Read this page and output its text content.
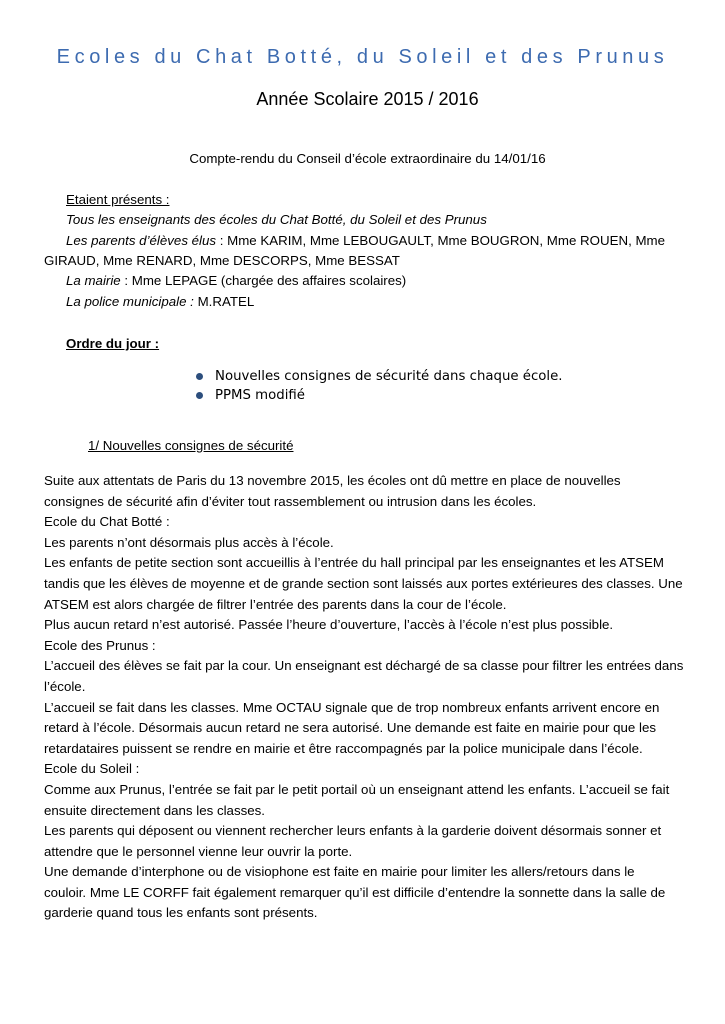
Ecoles du Chat Botté, du Soleil et des Prunus
Année Scolaire 2015 / 2016
Compte-rendu du Conseil d’école extraordinaire du 14/01/16
Etaient présents :
Tous les enseignants des écoles du Chat Botté, du Soleil et des Prunus
Les parents d’élèves élus : Mme KARIM, Mme LEBOUGAULT, Mme BOUGRON, Mme ROUEN, Mme
GIRAUD, Mme RENARD, Mme DESCORPS, Mme BESSAT
La mairie : Mme LEPAGE (chargée des affaires scolaires)
La police municipale : M.RATEL
Ordre du jour :
Nouvelles consignes de sécurité dans chaque école.
PPMS modifié
1/ Nouvelles consignes de sécurité
Suite aux attentats de Paris du 13 novembre 2015, les écoles ont dû mettre en place de nouvelles
consignes de sécurité afin d’éviter tout rassemblement ou intrusion dans les écoles.
Ecole du Chat Botté :
Les parents n’ont désormais plus accès à l’école.
Les enfants de petite section sont accueillis à l’entrée du hall principal par les enseignantes et les ATSEM
tandis que les élèves de moyenne et de grande section sont laissés aux portes extérieures des classes. Une
ATSEM est alors chargée de filtrer l’entrée des parents dans la cour de l’école.
Plus aucun retard n’est autorisé. Passée l’heure d’ouverture, l’accès à l’école n’est plus possible.
Ecole des Prunus :
L’accueil des élèves se fait par la cour. Un enseignant est déchargé de sa classe pour filtrer les entrées dans
l’école.
L’accueil se fait dans les classes. Mme OCTAU signale que de trop nombreux enfants arrivent encore en
retard à l’école. Désormais aucun retard ne sera autorisé. Une demande est faite en mairie pour que les
retardataires puissent se rendre en mairie et être raccompagnés par la police municipale dans l’école.
Ecole du Soleil :
Comme aux Prunus, l’entrée se fait par le petit portail où un enseignant attend les enfants. L’accueil se fait
ensuite directement dans les classes.
Les parents qui déposent ou viennent rechercher leurs enfants à la garderie doivent désormais sonner et
attendre que le personnel vienne leur ouvrir la porte.
Une demande d’interphone ou de visiophone est faite en mairie pour limiter les allers/retours dans le
couloir. Mme LE CORFF fait également remarquer qu’il est difficile d’entendre la sonnette dans la salle de
garderie quand tous les enfants sont présents.
